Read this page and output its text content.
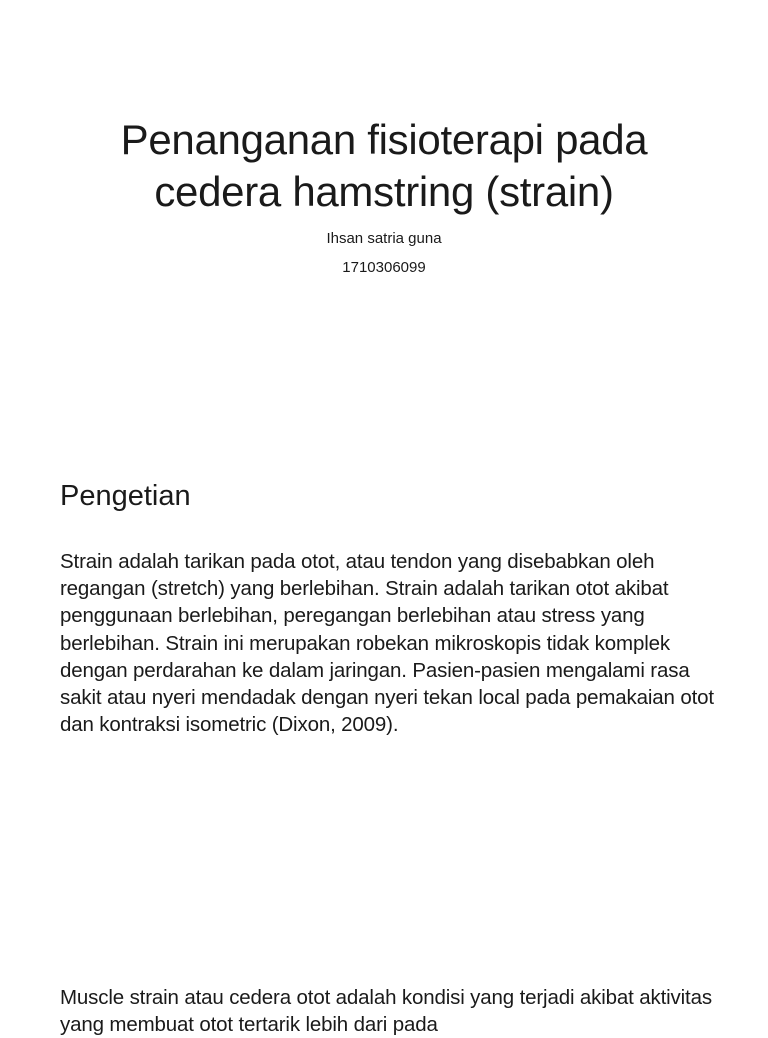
Penanganan fisioterapi pada
cedera hamstring (strain)
Ihsan satria guna
1710306099
Pengetian

Strain adalah tarikan pada otot, atau tendon yang disebabkan oleh regangan (stretch) yang berlebihan. Strain adalah tarikan otot akibat penggunaan berlebihan, peregangan berlebihan atau stress yang berlebihan. Strain ini merupakan robekan mikroskopis tidak komplek dengan perdarahan ke dalam jaringan. Pasien-pasien mengalami rasa sakit atau nyeri mendadak dengan nyeri tekan local pada pemakaian otot dan kontraksi isometric (Dixon, 2009).

Muscle strain atau cedera otot adalah kondisi yang terjadi akibat aktivitas yang membuat otot tertarik lebih dari pada
